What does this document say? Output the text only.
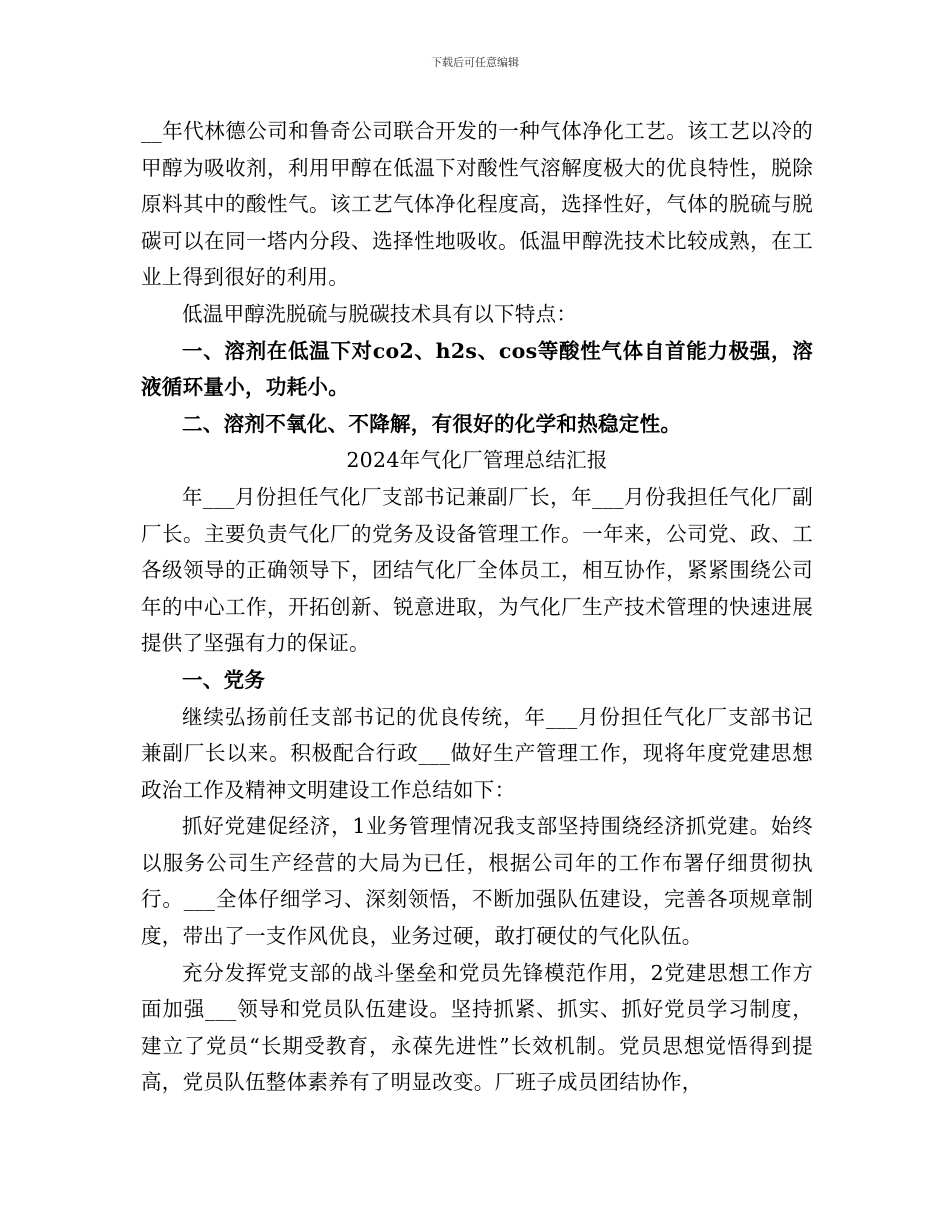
下载后可任意编辑

__年代林德公司和鲁奇公司联合开发的一种气体净化工艺。该工艺以冷的甲醇为吸收剂，利用甲醇在低温下对酸性气溶解度极大的优良特性，脱除原料其中的酸性气。该工艺气体净化程度高，选择性好，气体的脱硫与脱碳可以在同一塔内分段、选择性地吸收。低温甲醇洗技术比较成熟，在工业上得到很好的利用。

低温甲醇洗脱硫与脱碳技术具有以下特点：

一、溶剂在低温下对co2、h2s、cos等酸性气体自首能力极强，溶液循环量小，功耗小。

二、溶剂不氧化、不降解，有很好的化学和热稳定性。

2024年气化厂管理总结汇报

年___月份担任气化厂支部书记兼副厂长，年___月份我担任气化厂副厂长。主要负责气化厂的党务及设备管理工作。一年来，公司党、政、工各级领导的正确领导下，团结气化厂全体员工，相互协作，紧紧围绕公司年的中心工作，开拓创新、锐意进取，为气化厂生产技术管理的快速进展提供了坚强有力的保证。

一、党务

继续弘扬前任支部书记的优良传统，年___月份担任气化厂支部书记兼副厂长以来。积极配合行政___做好生产管理工作，现将年度党建思想政治工作及精神文明建设工作总结如下：

抓好党建促经济，1业务管理情况我支部坚持围绕经济抓党建。始终以服务公司生产经营的大局为已任，根据公司年的工作布署仔细贯彻执行。___全体仔细学习、深刻领悟，不断加强队伍建设，完善各项规章制度，带出了一支作风优良，业务过硬，敢打硬仗的气化队伍。

充分发挥党支部的战斗堡垒和党员先锋模范作用，2党建思想工作方面加强___领导和党员队伍建设。坚持抓紧、抓实、抓好党员学习制度，建立了党员“长期受教育，永葆先进性”长效机制。党员思想觉悟得到提高，党员队伍整体素养有了明显改变。厂班子成员团结协作，
